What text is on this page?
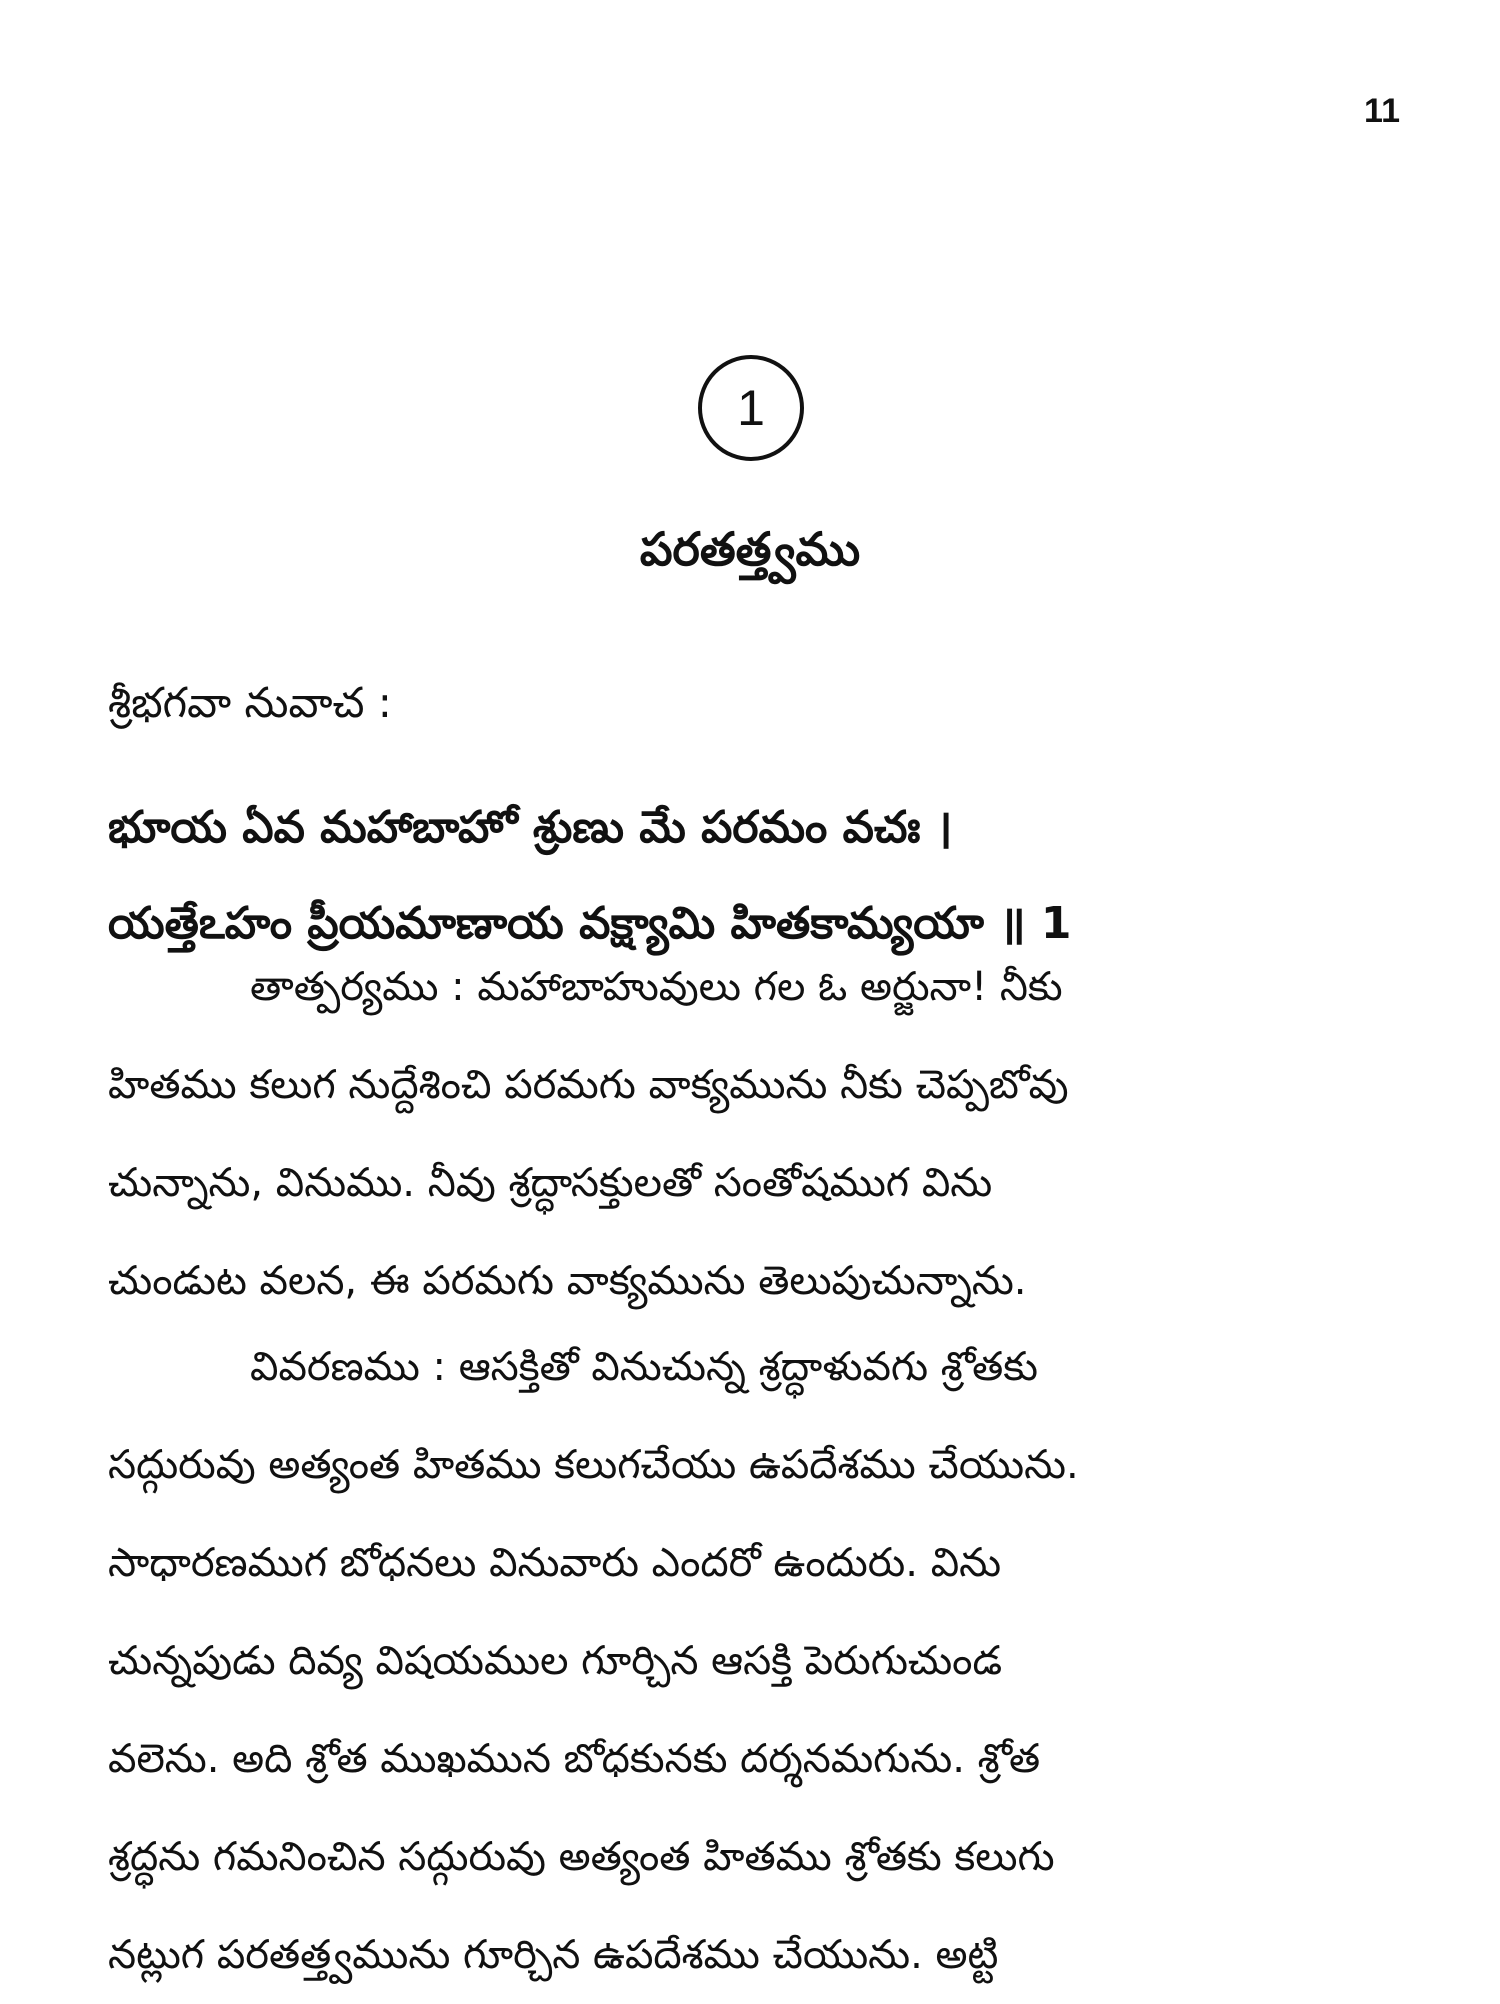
11
1
పరతత్త్వము
శ్రీభగవా నువాచ :
భూయ ఏవ మహాబాహో శ్రుణు మే పరమం వచః ।
యత్తేఽహం ప్రీయమాణాయ వక్ష్యామి హితకామ్యయా ॥ 1
తాత్పర్యము : మహాబాహువులు గల ఓ అర్జునా! నీకు
హితము కలుగ నుద్దేశించి పరమగు వాక్యమును నీకు చెప్పబోవు
చున్నాను, వినుము. నీవు శ్రద్ధాసక్తులతో సంతోషముగ విను
చుండుట వలన, ఈ పరమగు వాక్యమును తెలుపుచున్నాను.
వివరణము : ఆసక్తితో వినుచున్న శ్రద్ధాళువగు శ్రోతకు
సద్గురువు అత్యంత హితము కలుగచేయు ఉపదేశము చేయును.
సాధారణముగ బోధనలు వినువారు ఎందరో ఉందురు. విను
చున్నపుడు దివ్య విషయముల గూర్చిన ఆసక్తి పెరుగుచుండ
వలెను. అది శ్రోత ముఖమున బోధకునకు దర్శనమగును. శ్రోత
శ్రద్ధను గమనించిన సద్గురువు అత్యంత హితము శ్రోతకు కలుగు
నట్లుగ పరతత్త్వమును గూర్చిన ఉపదేశము చేయును. అట్టి
